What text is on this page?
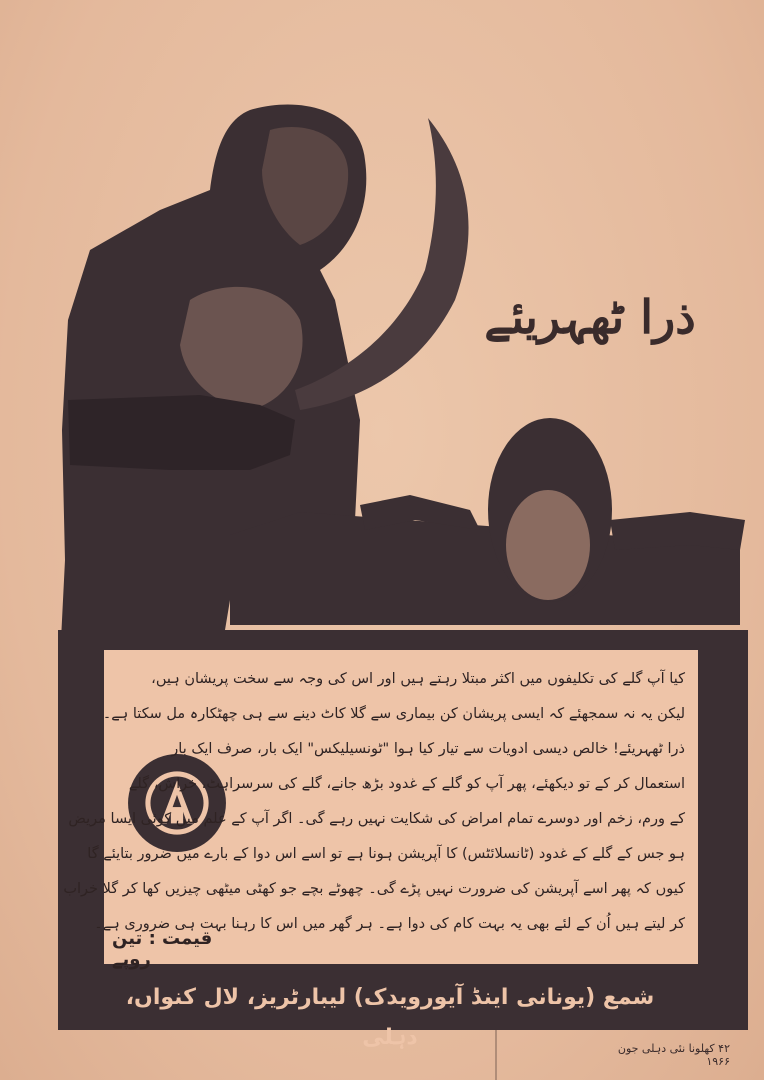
ذرا ٹھہریئے
کیا آپ گلے کی تکلیفوں میں اکثر مبتلا رہتے ہیں اور اس کی وجہ سے سخت پریشان ہیں،
لیکن یہ نہ سمجھئے کہ ایسی پریشان کن بیماری سے گلا کاٹ دینے سے ہی چھٹکارہ مل سکتا ہے۔
ذرا ٹھہریئے! خالص دیسی ادویات سے تیار کیا ہوا "ٹونسیلیکس" ایک بار، صرف ایک بار
استعمال کر کے تو دیکھئے، پھر آپ کو گلے کے غدود بڑھ جانے، گلے کی سرسراہٹ، خراش، گلے
کے ورم، زخم اور دوسرے تمام امراض کی شکایت نہیں رہے گی۔ اگر آپ کے علم میں کوئی ایسا مریض
ہو جس کے گلے کے غدود (ٹانسلائٹس) کا آپریشن ہونا ہے تو اسے اس دوا کے بارے میں ضرور بتایئے گا
کیوں کہ پھر اسے آپریشن کی ضرورت نہیں پڑے گی۔ چھوٹے بچے جو کھٹی میٹھی چیزیں کھا کر گلا خراب
کر لیتے ہیں اُن کے لئے بھی یہ بہت کام کی دوا ہے۔ ہر گھر میں اس کا رہنا بہت ہی ضروری ہے۔
قیمت : تین روپے
شمع (یونانی اینڈ آیورویدک) لیبارٹریز، لال کنواں، دہلی	۴۲ کھلونا نئی دہلی جون ۱۹۶۶
